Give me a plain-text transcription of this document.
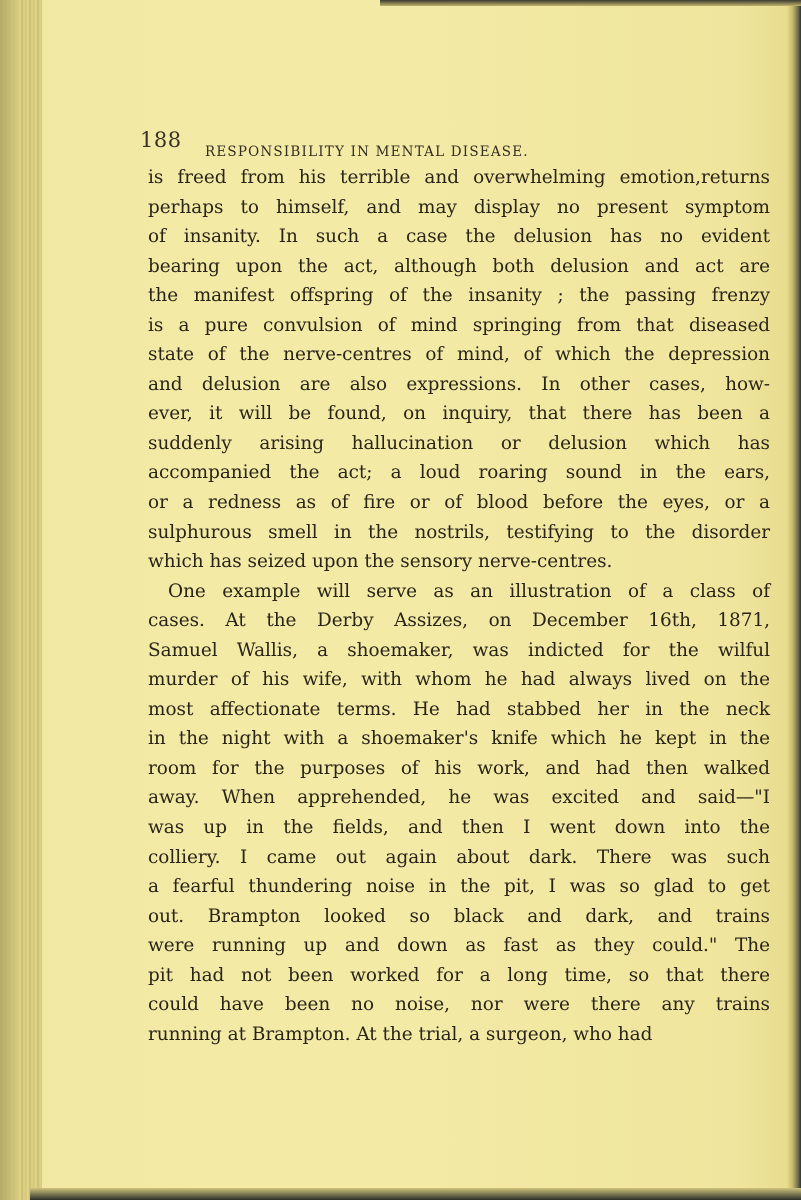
188 RESPONSIBILITY IN MENTAL DISEASE.
is freed from his terrible and overwhelming emotion,returns
perhaps to himself, and may display no present symptom
of insanity. In such a case the delusion has no evident
bearing upon the act, although both delusion and act are
the manifest offspring of the insanity ; the passing frenzy
is a pure convulsion of mind springing from that diseased
state of the nerve-centres of mind, of which the depression
and delusion are also expressions. In other cases, how-
ever, it will be found, on inquiry, that there has been a
suddenly arising hallucination or delusion which has
accompanied the act; a loud roaring sound in the ears,
or a redness as of fire or of blood before the eyes, or a
sulphurous smell in the nostrils, testifying to the disorder
which has seized upon the sensory nerve-centres.
One example will serve as an illustration of a class of
cases. At the Derby Assizes, on December 16th, 1871,
Samuel Wallis, a shoemaker, was indicted for the wilful
murder of his wife, with whom he had always lived on the
most affectionate terms. He had stabbed her in the neck
in the night with a shoemaker's knife which he kept in the
room for the purposes of his work, and had then walked
away. When apprehended, he was excited and said—"I
was up in the fields, and then I went down into the
colliery. I came out again about dark. There was such
a fearful thundering noise in the pit, I was so glad to get
out. Brampton looked so black and dark, and trains
were running up and down as fast as they could." The
pit had not been worked for a long time, so that there
could have been no noise, nor were there any trains
running at Brampton. At the trial, a surgeon, who had
